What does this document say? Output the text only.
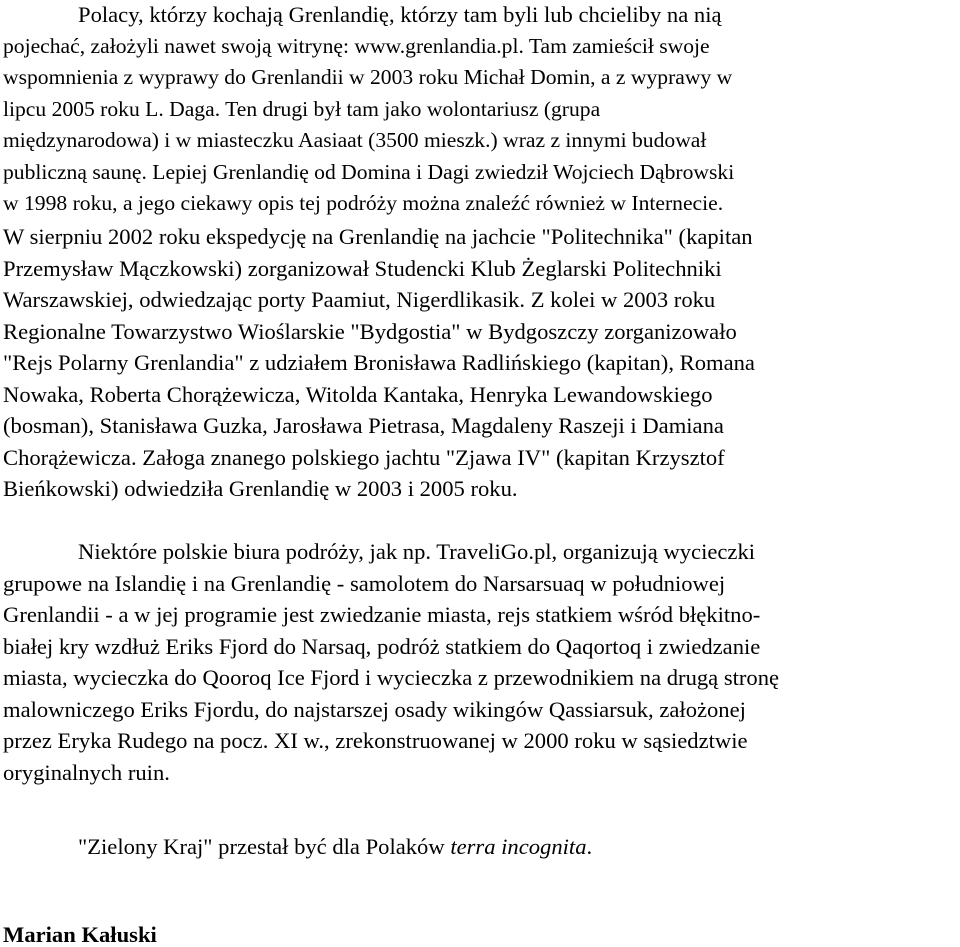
Polacy, którzy kochają Grenlandię, którzy tam byli lub chcieliby na nią
pojechać, założyli nawet swoją witrynę: www.grenlandia.pl. Tam zamieścił swoje
wspomnienia z wyprawy do Grenlandii w 2003 roku Michał Domin, a z wyprawy w
lipcu 2005 roku L. Daga. Ten drugi był tam jako wolontariusz (grupa
międzynarodowa) i w miasteczku Aasiaat (3500 mieszk.) wraz z innymi budował
publiczną saunę. Lepiej Grenlandię od Domina i Dagi zwiedził Wojciech Dąbrowski
w 1998 roku, a jego ciekawy opis tej podróży można znaleźć również w Internecie.
W sierpniu 2002 roku ekspedycję na Grenlandię na jachcie "Politechnika" (kapitan
Przemysław Mączkowski) zorganizował Studencki Klub Żeglarski Politechniki
Warszawskiej, odwiedzając porty Paamiut, Nigerdlikasik. Z kolei w 2003 roku
Regionalne Towarzystwo Wioślarskie "Bydgostia" w Bydgoszczy zorganizowało
"Rejs Polarny Grenlandia" z udziałem Bronisława Radlińskiego (kapitan), Romana
Nowaka, Roberta Chorążewicza, Witolda Kantaka, Henryka Lewandowskiego
(bosman), Stanisława Guzka, Jarosława Pietrasa, Magdaleny Raszeji i Damiana
Chorążewicza. Załoga znanego polskiego jachtu "Zjawa IV" (kapitan Krzysztof
Bieńkowski) odwiedziła Grenlandię w 2003 i 2005 roku.
Niektóre polskie biura podróży, jak np. TraveliGo.pl, organizują wycieczki
grupowe na Islandię i na Grenlandię - samolotem do Narsarsuaq w południowej
Grenlandii - a w jej programie jest zwiedzanie miasta, rejs statkiem wśród błękitno-
białej kry wzdłuż Eriks Fjord do Narsaq, podróż statkiem do Qaqortoq i zwiedzanie
miasta, wycieczka do Qooroq Ice Fjord i wycieczka z przewodnikiem na drugą stronę
malowniczego Eriks Fjordu, do najstarszej osady wikingów Qassiarsuk, założonej
przez Eryka Rudego na pocz. XI w., zrekonstruowanej w 2000 roku w sąsiedztwie
oryginalnych ruin.
"Zielony Kraj" przestał być dla Polaków terra incognita.
Marian Kałuski
